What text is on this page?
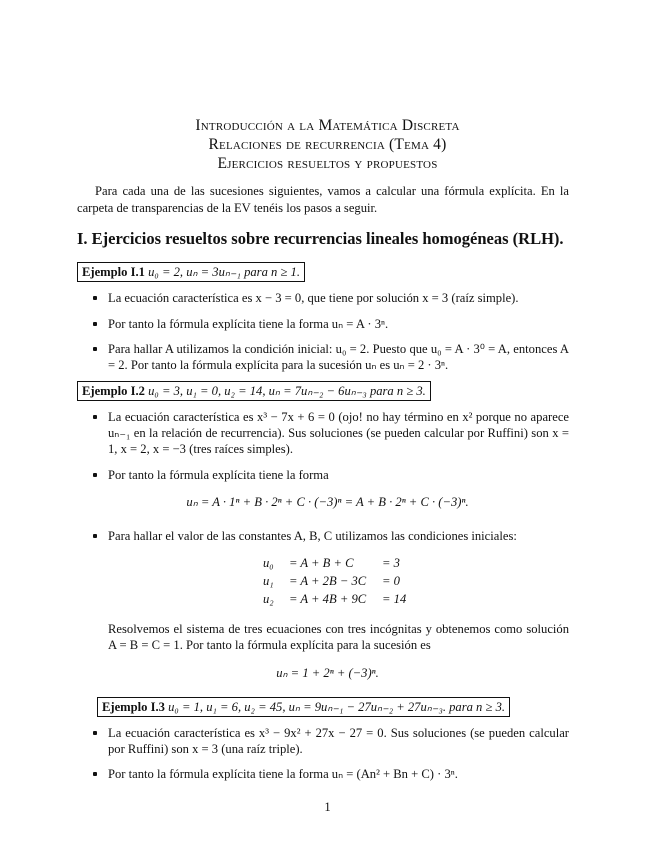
Introducción a la Matemática Discreta
Relaciones de recurrencia (Tema 4)
Ejercicios resueltos y propuestos
Para cada una de las sucesiones siguientes, vamos a calcular una fórmula explícita. En la carpeta de transparencias de la EV tenéis los pasos a seguir.
I. Ejercicios resueltos sobre recurrencias lineales homogéneas (RLH).
Ejemplo I.1 u₀ = 2, uₙ = 3uₙ₋₁ para n ≥ 1.
La ecuación característica es x − 3 = 0, que tiene por solución x = 3 (raíz simple).
Por tanto la fórmula explícita tiene la forma uₙ = A · 3ⁿ.
Para hallar A utilizamos la condición inicial: u₀ = 2. Puesto que u₀ = A · 3⁰ = A, entonces A = 2. Por tanto la fórmula explícita para la sucesión uₙ es uₙ = 2 · 3ⁿ.
Ejemplo I.2 u₀ = 3, u₁ = 0, u₂ = 14, uₙ = 7uₙ₋₂ − 6uₙ₋₃ para n ≥ 3.
La ecuación característica es x³ − 7x + 6 = 0 (ojo! no hay término en x² porque no aparece uₙ₋₁ en la relación de recurrencia). Sus soluciones (se pueden calcular por Ruffini) son x = 1, x = 2, x = −3 (tres raíces simples).
Por tanto la fórmula explícita tiene la forma
uₙ = A · 1ⁿ + B · 2ⁿ + C · (−3)ⁿ = A + B · 2ⁿ + C · (−3)ⁿ.
Para hallar el valor de las constantes A, B, C utilizamos las condiciones iniciales:
u₀ = A + B + C = 3
u₁ = A + 2B − 3C = 0
u₂ = A + 4B + 9C = 14
Resolvemos el sistema de tres ecuaciones con tres incógnitas y obtenemos como solución A = B = C = 1. Por tanto la fórmula explícita para la sucesión es
uₙ = 1 + 2ⁿ + (−3)ⁿ.
Ejemplo I.3 u₀ = 1, u₁ = 6, u₂ = 45, uₙ = 9uₙ₋₁ − 27uₙ₋₂ + 27uₙ₋₃. para n ≥ 3.
La ecuación característica es x³ − 9x² + 27x − 27 = 0. Sus soluciones (se pueden calcular por Ruffini) son x = 3 (una raíz triple).
Por tanto la fórmula explícita tiene la forma uₙ = (An² + Bn + C) · 3ⁿ.
1
